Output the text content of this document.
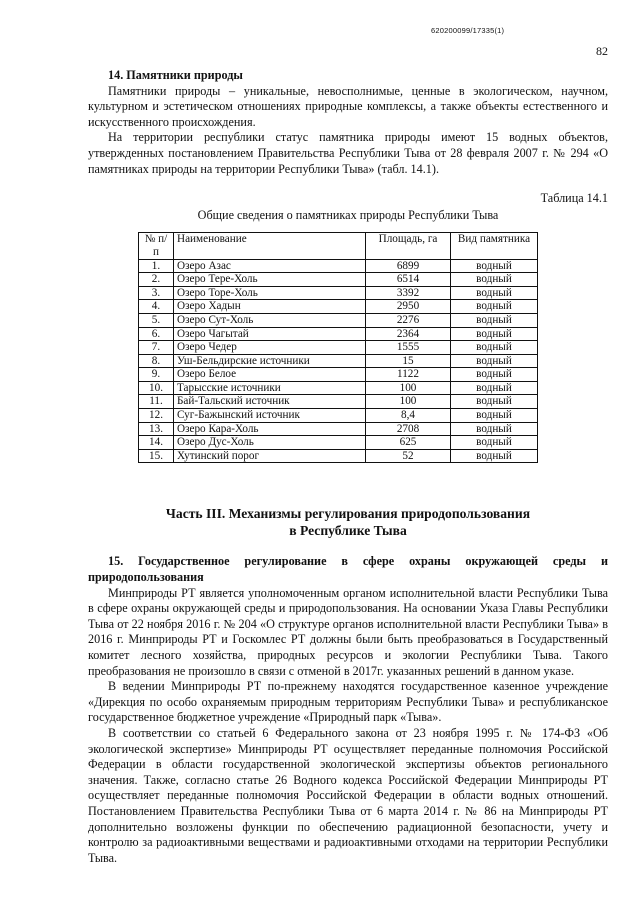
620200099/17335(1)
82
14. Памятники природы

Памятники природы – уникальные, невосполнимые, ценные в экологическом, научном, культурном и эстетическом отношениях природные комплексы, а также объекты естественного и искусственного происхождения.

На территории республики статус памятника природы имеют 15 водных объектов, утвержденных постановлением Правительства Республики Тыва от 28 февраля 2007 г. № 294 «О памятниках природы на территории Республики Тыва» (табл. 14.1).

Таблица 14.1
Общие сведения о памятниках природы Республики Тыва
№ п/п	Наименование	Площадь, га	Вид памятника
1.	Озеро Азас	6899	водный
2.	Озеро Тере-Холь	6514	водный
3.	Озеро Торе-Холь	3392	водный
4.	Озеро Хадын	2950	водный
5.	Озеро Сут-Холь	2276	водный
6.	Озеро Чагытай	2364	водный
7.	Озеро Чедер	1555	водный
8.	Уш-Бельдирские источники	15	водный
9.	Озеро Белое	1122	водный
10.	Тарысские источники	100	водный
11.	Бай-Тальский источник	100	водный
12.	Суг-Бажынский источник	8,4	водный
13.	Озеро Кара-Холь	2708	водный
14.	Озеро Дус-Холь	625	водный
15.	Хутинский порог	52	водный
Часть III. Механизмы регулирования природопользования
в Республике Тыва
15. Государственное регулирование в сфере охраны окружающей среды и природопользования

Минприроды РТ является уполномоченным органом исполнительной власти Республики Тыва в сфере охраны окружающей среды и природопользования. На основании Указа Главы Республики Тыва от 22 ноября 2016 г. № 204 «О структуре органов исполнительной власти Республики Тыва» в 2016 г. Минприроды РТ и Госкомлес РТ должны были быть преобразоваться в Государственный комитет лесного хозяйства, природных ресурсов и экологии Республики Тыва. Такого преобразования не произошло в связи с отменой в 2017г. указанных решений в данном указе.

В ведении Минприроды РТ по-прежнему находятся государственное казенное учреждение «Дирекция по особо охраняемым природным территориям Республики Тыва» и республиканское государственное бюджетное учреждение «Природный парк «Тыва».

В соответствии со статьей 6 Федерального закона от 23 ноября 1995 г. № 174-ФЗ «Об экологической экспертизе» Минприроды РТ осуществляет переданные полномочия Российской Федерации в области государственной экологической экспертизы объектов регионального значения. Также, согласно статье 26 Водного кодекса Российской Федерации Минприроды РТ осуществляет переданные полномочия Российской Федерации в области водных отношений. Постановлением Правительства Республики Тыва от 6 марта 2014 г. № 86 на Минприроды РТ дополнительно возложены функции по обеспечению радиационной безопасности, учету и контролю за радиоактивными веществами и радиоактивными отходами на территории Республики Тыва.
